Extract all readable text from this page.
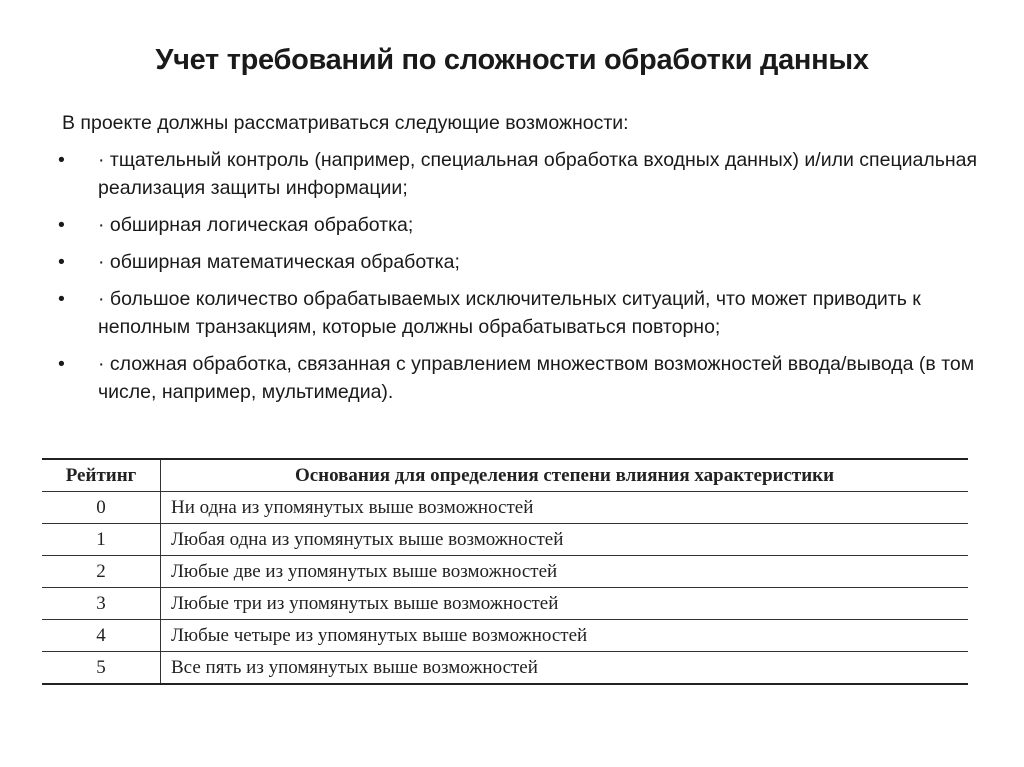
Учет требований по сложности обработки данных
В проекте должны рассматриваться следующие возможности:
• · тщательный контроль (например, специальная обработка входных данных) и/или специальная реализация защиты информации;
• · обширная логическая обработка;
• · обширная математическая обработка;
• · большое количество обрабатываемых исключительных ситуаций, что может приводить к неполным транзакциям, которые должны обрабатываться повторно;
• · сложная обработка, связанная с управлением множеством возможностей ввода/вывода (в том числе, например, мультимедиа).
Рейтинг	Основания для определения степени влияния характеристики
0	Ни одна из упомянутых выше возможностей
1	Любая одна из упомянутых выше возможностей
2	Любые две из упомянутых выше возможностей
3	Любые три из упомянутых выше возможностей
4	Любые четыре из упомянутых выше возможностей
5	Все пять из упомянутых выше возможностей
